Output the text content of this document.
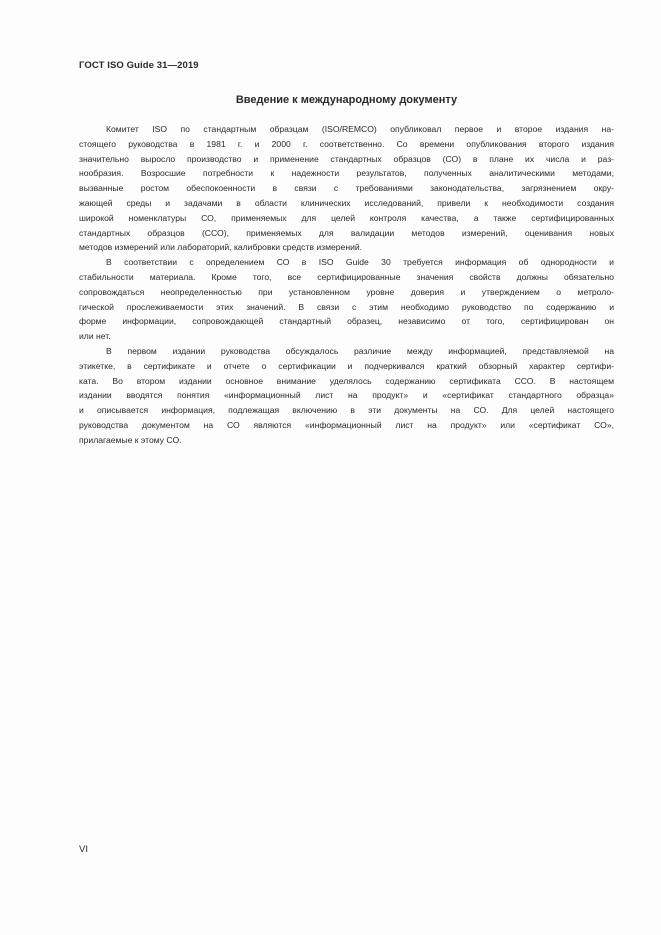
ГОСТ ISO Guide 31—2019
Введение к международному документу
Комитет ISO по стандартным образцам (ISO/REMCO) опубликовал первое и второе издания на-
стоящего руководства в 1981 г. и 2000 г. соответственно. Со времени опубликования второго издания
значительно выросло производство и применение стандартных образцов (СО) в плане их числа и раз-
нообразия. Возросшие потребности к надежности результатов, полученных аналитическими методами,
вызванные ростом обеспокоенности в связи с требованиями законодательства, загрязнением окру-
жающей среды и задачами в области клинических исследований, привели к необходимости создания
широкой номенклатуры СО, применяемых для целей контроля качества, а также сертифицированных
стандартных образцов (ССО), применяемых для валидации методов измерений, оценивания новых
методов измерений или лабораторий, калибровки средств измерений.
В соответствии с определением СО в ISO Guide 30 требуется информация об однородности и
стабильности материала. Кроме того, все сертифицированные значения свойств должны обязательно
сопровождаться неопределенностью при установленном уровне доверия и утверждением о метроло-
гической прослеживаемости этих значений. В связи с этим необходимо руководство по содержанию и
форме информации, сопровождающей стандартный образец, независимо от того, сертифицирован он
или нет.
В первом издании руководства обсуждалось различие между информацией, представляемой на
этикетке, в сертификате и отчете о сертификации и подчеркивался краткий обзорный характер сертифи-
ката. Во втором издании основное внимание уделялось содержанию сертификата ССО. В настоящем
издании вводятся понятия «информационный лист на продукт» и «сертификат стандартного образца»
и описывается информация, подлежащая включению в эти документы на СО. Для целей настоящего
руководства документом на СО являются «информационный лист на продукт» или «сертификат СО»,
прилагаемые к этому СО.
VI
